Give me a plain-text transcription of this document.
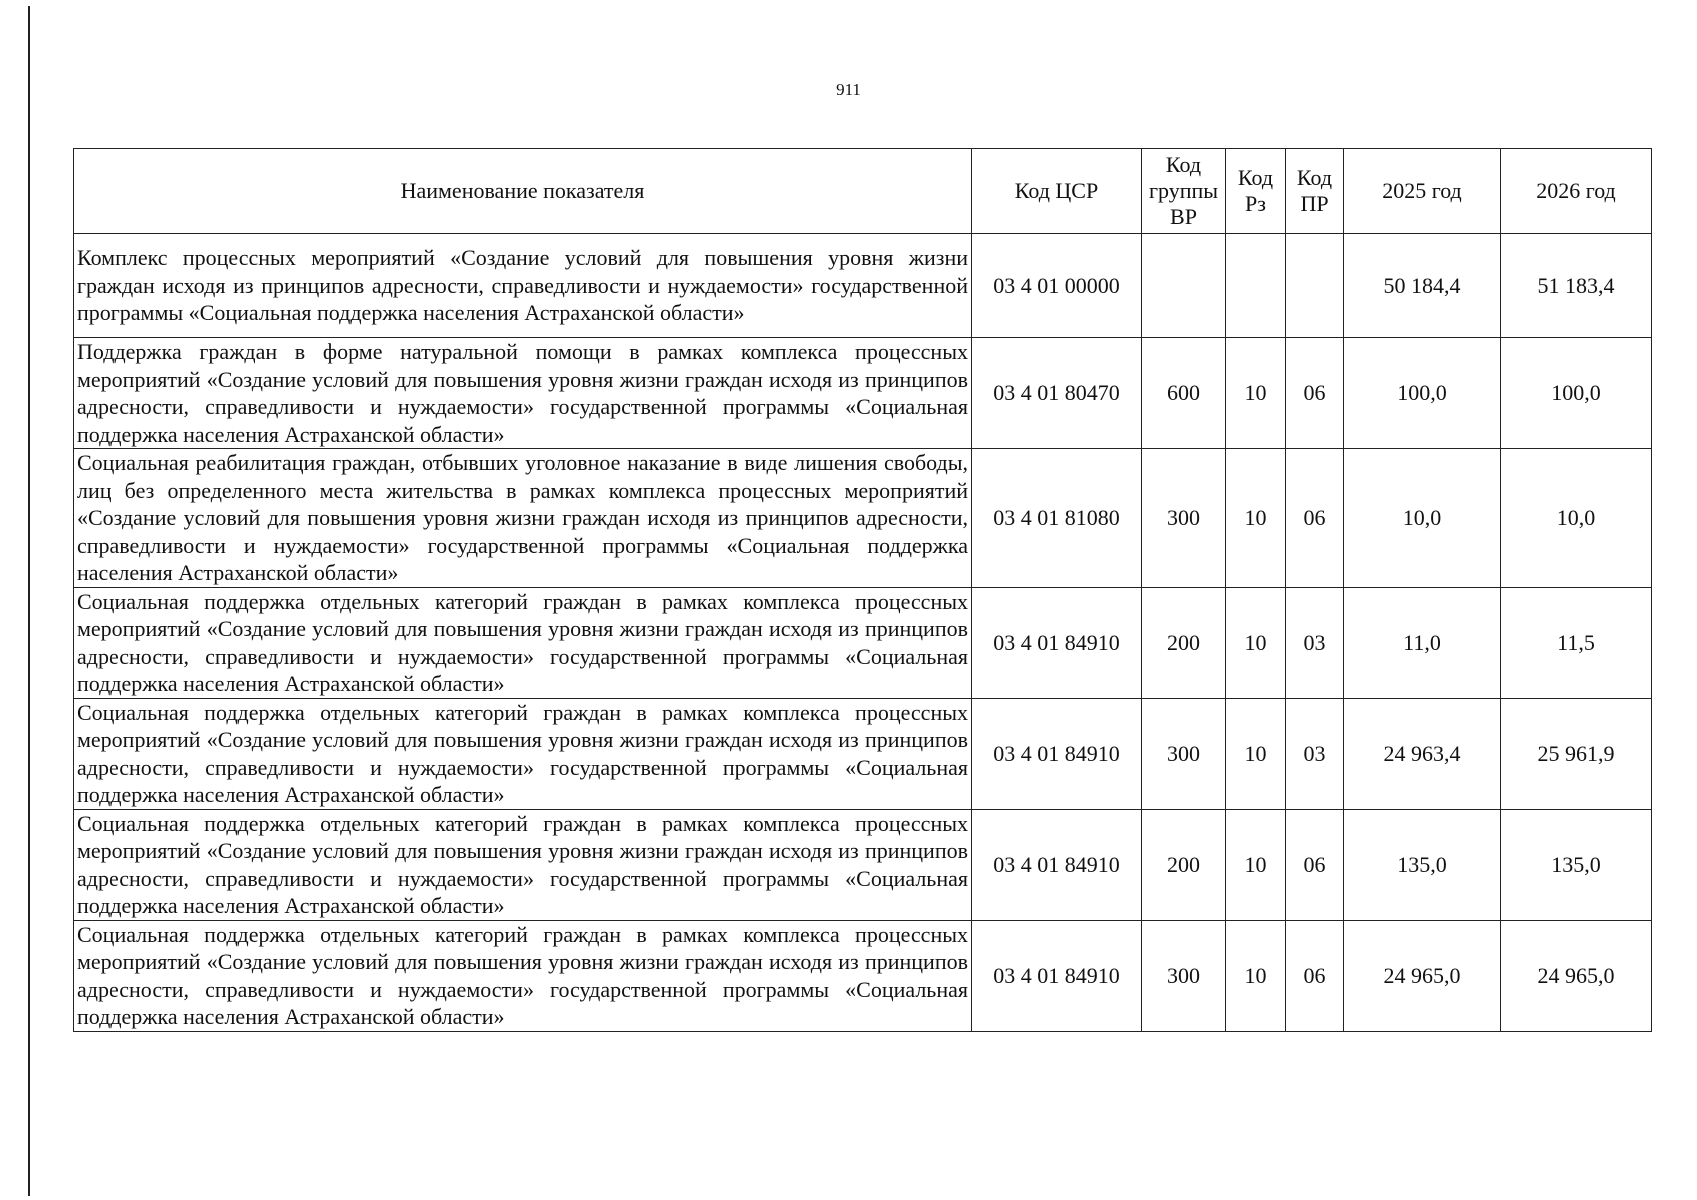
911
Наименование показателя	Код ЦСР	Код группы ВР	Код Рз	Код ПР	2025 год	2026 год
Комплекс процессных мероприятий «Создание условий для повышения уровня жизни граждан исходя из принципов адресности, справедливости и нуждаемости» государственной программы «Социальная поддержка населения Астраханской области»	03 4 01 00000				50 184,4	51 183,4
Поддержка граждан в форме натуральной помощи в рамках комплекса процессных мероприятий «Создание условий для повышения уровня жизни граждан исходя из принципов адресности, справедливости и нуждаемости» государственной программы «Социальная поддержка населения Астраханской области»	03 4 01 80470	600	10	06	100,0	100,0
Социальная реабилитация граждан, отбывших уголовное наказание в виде лишения свободы, лиц без определенного места жительства в рамках комплекса процессных мероприятий «Создание условий для повышения уровня жизни граждан исходя из принципов адресности, справедливости и нуждаемости» государственной программы «Социальная поддержка населения Астраханской области»	03 4 01 81080	300	10	06	10,0	10,0
Социальная поддержка отдельных категорий граждан в рамках комплекса процессных мероприятий «Создание условий для повышения уровня жизни граждан исходя из принципов адресности, справедливости и нуждаемости» государственной программы «Социальная поддержка населения Астраханской области»	03 4 01 84910	200	10	03	11,0	11,5
Социальная поддержка отдельных категорий граждан в рамках комплекса процессных мероприятий «Создание условий для повышения уровня жизни граждан исходя из принципов адресности, справедливости и нуждаемости» государственной программы «Социальная поддержка населения Астраханской области»	03 4 01 84910	300	10	03	24 963,4	25 961,9
Социальная поддержка отдельных категорий граждан в рамках комплекса процессных мероприятий «Создание условий для повышения уровня жизни граждан исходя из принципов адресности, справедливости и нуждаемости» государственной программы «Социальная поддержка населения Астраханской области»	03 4 01 84910	200	10	06	135,0	135,0
Социальная поддержка отдельных категорий граждан в рамках комплекса процессных мероприятий «Создание условий для повышения уровня жизни граждан исходя из принципов адресности, справедливости и нуждаемости» государственной программы «Социальная поддержка населения Астраханской области»	03 4 01 84910	300	10	06	24 965,0	24 965,0
